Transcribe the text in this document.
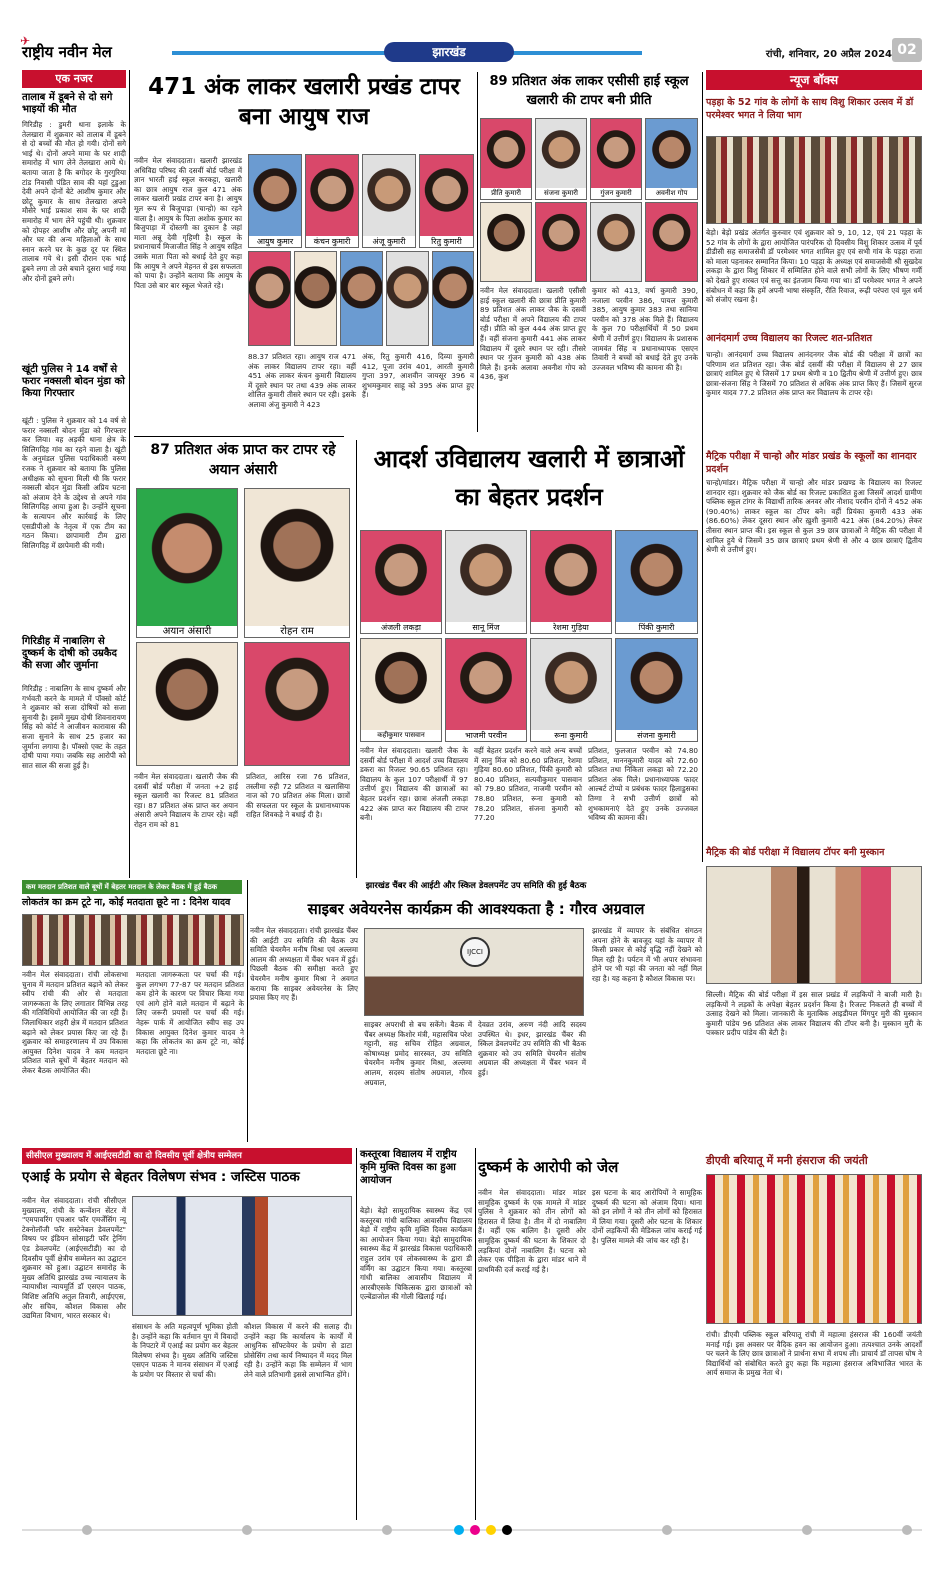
✈
राष्ट्रीय नवीन मेल	झारखंड	रांची, शनिवार, 20 अप्रैल 2024 02
एक नजर
तालाब में डूबने से दो सगे भाइयों की मौत
गिरिडीह : डुमरी थाना इलाके के तेलखारा में शुक्रवार को तालाब में डूबने से दो बच्चों की मौत हो गयी। दोनों सगे भाई थे। दोनों अपने मामा के घर शादी समारोह में भाग लेने तेलखारा आये थे। बताया जाता है कि बगोदर के गुरगुरिया टांड निवासी पंडित साव की यहां टुडुआ देवी अपने दोनों बेटे आशीष कुमार और छोटू कुमार के साथ तेलखारा अपने मौसेरे भाई प्रकाश साव के घर शादी समारोह में भाग लेने पहुंची थी। शुक्रवार को दोपहर आशीष और छोटू अपनी मां और घर की अन्य महिलाओं के साथ स्नान करने घर के कुछ दूर पर स्थित तालाब गये थे। इसी दौरान एक भाई डूबने लगा तो उसे बचाने दूसरा भाई गया और दोनों डूबने लगे।
खूंटी पुलिस ने 14 वर्षों से फरार नक्सली बोदन मुंडा को किया गिरफ्तार
खूंटी : पुलिस ने शुक्रवार को 14 वर्ष से फरार नक्सली बोदन मुंडा को गिरफ्तार कर लिया। वह अड़की थाना क्षेत्र के सिलिगदिह गांव का रहने वाला है। खूंटी के अनुमंडल पुलिस पदाधिकारी वरुण रजक ने शुक्रवार को बताया कि पुलिस अधीक्षक को सूचना मिली थी कि फरार नक्सली बोदन मुंडा किसी अप्रिय घटना को अंजाम देने के उद्देश्य से अपने गांव सिलिगदिह आया हुआ है। उन्होंने सूचना के सत्यापन और कार्रवाई के लिए एसडीपीओ के नेतृत्व में एक टीम का गठन किया। छापामारी टीम द्वारा सिलिगदिह में छापेमारी की गयी।
गिरिडीह में नाबालिग से दुष्कर्म के दोषी को उम्रकैद की सजा और जुर्माना
गिरिडीह : नाबालिग के साथ दुष्कर्म और गर्भवती करने के मामले में पॉक्सो कोर्ट ने शुक्रवार को सजा दोषियों को सजा सुनायी है। इसमें मुख्य दोषी शिवनारायण सिंह को कोर्ट ने आजीवन कारावास की सजा सुनाने के साथ 25 हजार का जुर्माना लगाया है। पॉक्सो एक्ट के तहत दोषी पाया गया। जबकि सह आरोपी को सात साल की सजा हुई है।
471 अंक लाकर खलारी प्रखंड टापर बना आयुष राज
नवीन मेल संवाददाता। खलारी झारखंड अधिविद्य परिषद की दसवीं बोर्ड परीक्षा में ज्ञान भारती हाई स्कूल करकट्टा, खलारी का छात्र आयुष राज कुल 471 अंक लाकर खलारी प्रखंड टापर बना है। आयुष मूल रूप से बिजुपाड़ा (चान्हो) का रहने वाला है। आयुष के पिता अशोक कुमार का बिजुपाड़ा में दोस्तगी का दुकान है जहां माता अन्नू देवी गृहिणी है। स्कूल के प्रधानाचार्य मिजाजीत सिंह ने आयुष सहित उसके माता पिता को बधाई देते हुए कहा कि आयुष ने अपने मेहनत से इस सफलता को पाया है। उन्होंने बताया कि आयुष के पिता उसे बार बार स्कूल भेजते रहे।
आयुष कुमार	कंचन कुमारी	अंजू कुमारी	रितु कुमारी
88.37 प्रतिशत रहा। आयुष राज 471 अंक लाकर विद्यालय टापर रहा। वहीं 451 अंक लाकर कंचन कुमारी विद्यालय में दूसरे स्थान पर तथा 439 अंक लाकर शोलित कुमारी तीसरे स्थान पर रही। इसके अलावा अंजु कुमारी ने 423
अंक, रितु कुमारी 416, दिव्या कुमारी 412, पूजा उरांव 401, आरती कुमारी गुप्ता 397, आशवीन जायसूर 396 व शुभमकुमार साहू को 395 अंक प्राप्त हुए हैं।
89 प्रतिशत अंक लाकर एसीसी हाई स्कूल खलारी की टापर बनी प्रीति
प्रीति कुमारी	संजना कुमारी	गुंजन कुमारी	अवनीश गोप
नवीन मेल संवाददाता। खलारी एसीसी हाई स्कूल खलारी की छात्रा प्रीति कुमारी 89 प्रतिशत अंक लाकर जैक के दसवीं बोर्ड परीक्षा में अपने विद्यालय की टापर रही। प्रीति को कुल 444 अंक प्राप्त हुए हैं। वहीं संजना कुमारी 441 अंक लाकर विद्यालय में दूसरे स्थान पर रही। तीसरे स्थान पर गुंजन कुमारी को 438 अंक मिले हैं। इनके अलावा अवनीश गोप को 436, कुश
कुमार को 413, वर्षा कुमारी 390, नजाला परवीन 386, पायल कुमारी 385, आयुष कुमार 383 तथा सानिया परवीन को 378 अंक मिले हैं। विद्यालय के कुल 70 परीक्षार्थियों में 50 प्रथम श्रेणी में उत्तीर्ण हुए। विद्यालय के प्रशासक जामवंत सिंह व प्रधानाध्यापक एसएन तिवारी ने बच्चों को बधाई देते हुए उनके उज्जवल भविष्य की कामना की है।
87 प्रतिशत अंक प्राप्त कर टापर रहे अयान अंसारी
अयान अंसारी	रोहन राम
नवीन मेल संवाददाता। खलारी जैक की दसवीं बोर्ड परीक्षा में जनता +2 हाई स्कूल खलारी का रिजल्ट 81 प्रतिशत रहा। 87 प्रतिशत अंक प्राप्त कर अयान अंसारी अपने विद्यालय के टापर रहे। वहीं रोहन राम को 81
प्रतिशत, आरिस रजा 76 प्रतिशत, तस्लीमा रुही 72 प्रतिशत व खलासिया नाज को 70 प्रतिशत अंक मिला। छात्रों की सफलता पर स्कूल के प्रधानाध्यापक राहित शिवकड़े ने बधाई दी है।
आदर्श उविद्यालय खलारी में छात्राओं का बेहतर प्रदर्शन
अंजली लकड़ा	सानू मिंज	रेशमा गुड़िया	पिंकी कुमारी
कहीकुमार पासवान	भाजमी परवीन	रूना कुमारी	संजना कुमारी
नवीन मेल संवाददाता। खलारी जैक के दसवीं बोर्ड परीक्षा में आदर्श उच्च विद्यालय डकरा का रिजल्ट 90.65 प्रतिशत रहा। विद्यालय के कुल 107 परीक्षार्थी में 97 उत्तीर्ण हुए। विद्यालय की छात्राओं का बेहतर प्रदर्शन रहा। छात्रा अंजली लकड़ा 422 अंक प्राप्त कर विद्यालय की टापर बनी।
वहीं बेहतर प्रदर्शन करने वाले अन्य बच्चों में सानु मिंज को 80.60 प्रतिशत, रेशमा गुड़िया 80.60 प्रतिशत, पिंकी कुमारी को 80.40 प्रतिशत, सत्यवीकुमार पासवान को 79.80 प्रतिशत, नाजमी परवीन को 78.80 प्रतिशत, रूना कुमारी को 78.20 प्रतिशत, संजना कुमारी को 77.20
प्रतिशत, फुलजात परवीन को 74.80 प्रतिशत, माननकुमारी यादव को 72.60 प्रतिशत तथा निकिता लकड़ा को 72.20 प्रतिशत अंक मिले। प्रधानाध्यापक फादर आल्बर्ट टोप्पो व प्रबंधक फादर हिलाडुसका तिग्गा ने सभी उत्तीर्ण छात्रों को शुभकामनाएं देते हुए उनके उज्जवल भविष्य की कामना की।
न्यूज बॉक्स
पड़हा के 52 गांव के लोगों के साथ विशु शिकार उत्सव में डॉ परमेश्वर भगत ने लिया भाग
बेड़ो। बेड़ो प्रखंड अंतर्गत कुरुवार एवं शुक्रवार को 9, 10, 12, एवं 21 पड़हा के 52 गांव के लोगों के द्वारा आयोजित पारंपरिक दो दिवसीय विशु शिकार उत्सव में पूर्व डीडीसी सह समाजसेवी डॉ परमेश्वर भगत शामिल हुए एवं सभी गांव के पड़हा राजा को माला पहनाकर सम्मानित किया। 10 पड़हा के अध्यक्ष एवं समाजसेवी श्री सुखदेव लकड़ा के द्वारा विशु शिकार में सम्मिलित होने वाले सभी लोगों के लिए भीषण गर्मी को देखते हुए शरबत एवं सत्तू का इंतजाम किया गया था। डॉ परमेश्वर भगत ने अपने संबोधन में कहा कि हमें अपनी भाषा संस्कृति, रीति रिवाज, रूढ़ी परंपरा एवं मूल धर्म को संजोए रखना है।
आनंदमार्ग उच्च विद्यालय का रिजल्ट शत-प्रतिशत
चान्हो। आनंदमार्ग उच्च विद्यालय आनंदनगर जैक बोर्ड की परीक्षा में छात्रों का परिणाम शत प्रतिशत रहा। जैक बोर्ड दसवीं की परीक्षा में विद्यालय से 27 छात्र छात्राएं शामिल हुए थे जिसमें 17 प्रथम श्रेणी व 10 द्वितीय श्रेणी में उत्तीर्ण हुए। छात्र छात्रा-संजना सिंह ने जिसमें 70 प्रतिशत से अधिक अंक प्राप्त किए हैं। जिसमें सुरज कुमार यादव 77.2 प्रतिशत अंक प्राप्त कर विद्यालय के टापर रहे।
मैट्रिक परीक्षा में चान्हो और मांडर प्रखंड के स्कूलों का शानदार प्रदर्शन
चान्हो/मांडर। मैट्रिक परीक्षा में चान्हो और मांडर प्रखण्ड के विद्यालय का रिजल्ट शानदार रहा। शुक्रवार को जैक बोर्ड का रिजल्ट प्रकाशित हुआ जिसमें आदर्श ग्रामीण पब्लिक स्कूल टांगर के विद्यार्थी तारिक अनवर और नौशाद परवीन दोनों ने 452 अंक (90.40%) लाकर स्कूल का टॉपर बने। वहीं प्रियंका कुमारी 433 अंक (86.60%) लेकर दूसरा स्थान और ख़ुशी कुमारी 421 अंक (84.20%) लेकर तीसरा स्थान प्राप्त की। इस स्कूल से कुल 39 छात्र छात्राओं ने मैट्रिक की परीक्षा में शामिल हुये थे जिसमें 35 छात्र छात्राएं प्रथम श्रेणी से और 4 छात्र छात्राएं द्वितीय श्रेणी से उत्तीर्ण हुए।
मैट्रिक की बोर्ड परीक्षा में विद्यालय टॉपर बनी मुस्कान
सिल्ली। मैट्रिक की बोर्ड परीक्षा में इस साल प्रखंड में लड़कियों ने बाजी मारी है। लड़कियों ने लड़कों के अपेक्षा बेहतर प्रदर्शन किया है। रिजल्ट निकलते ही बच्चों में उत्साह देखने को मिला। जानकारी के मुताबिक आइडीयल मिंगपुर मुरी की मुस्कान कुमारी पांडेय 96 प्रतिशत अंक लाकर विद्यालय की टॉपर बनी है। मुस्कान मुरी के पत्रकार प्रदीप पांडेय की बेटी है।
डीएवी बरियातू में मनी हंसराज की जयंती
रांची। डीएवी पब्लिक स्कूल बरियातू रांची में महात्मा हंसराज की 160वीं जयंती मनाई गई। इस अवसर पर वैदिक हवन का आयोजन हुआ। तत्पश्चात उनके आदर्शों पर चलने के लिए छात्र छात्राओं ने प्रार्थना सभा में शपथ ली। प्राचार्य डॉ तापस घोष ने विद्यार्थियों को संबोधित करते हुए कहा कि महात्मा हंसराज अविभाजित भारत के आर्य समाज के प्रमुख नेता थे।
कम मतदान प्रतिशत वाले बूथों में बेहतर मतदान के लेकर बैठक में हुई बैठक
लोकतंत्र का क्रम टूटे ना, कोई मतदाता छूटे ना : दिनेश यादव
नवीन मेल संवाददाता। रांची लोकसभा चुनाव में मतदान प्रतिशत बढ़ाने को लेकर स्वीप रांची की ओर से मतदाता जागरूकता के लिए लगातार विभिन्न तरह की गतिविधियों आयोजित की जा रही हैं। जिलाधिकार शहरी क्षेत्र में मतदान प्रतिशत बढ़ाने को लेकर प्रयास किए जा रहे हैं। शुक्रवार को समाहरणालय में उप विकास आयुक्त दिनेश यादव ने कम मतदान प्रतिशत वाले बूथों में बेहतर मतदान को लेकर बैठक आयोजित की।
मतदाता जागरूकता पर चर्चा की गई। कुल लगभग 77-87 पर मतदान प्रतिशत कम होने के कारण पर विचार किया गया एवं आगे होने वाले मतदान में बढ़ाने के लिए जरूरी प्रयासों पर चर्चा की गई। नेहरू पार्क में आयोजित स्वीप सह उप विकास आयुक्त दिनेश कुमार यादव ने कहा कि लोकतंत्र का क्रम टूटे ना, कोई मतदाता छूटे ना।
झारखंड चैंबर की आईटी और स्किल डेवलपमेंट उप समिति की हुई बैठक
साइबर अवेयरनेस कार्यक्रम की आवश्यकता है : गौरव अग्रवाल
नवीन मेल संवाददाता। रांची झारखंड चैंबर की आईटी उप समिति की बैठक उप समिति चेयरमैन मनीष मिश्रा एवं अल्लमा आलम की अध्यक्षता में चैंबर भवन में हुई। पिछली बैठक की समीक्षा करते हुए चेयरमैन मनीष कुमार मिश्रा ने अवगत कराया कि साइबर अवेयरनेस के लिए प्रयास किए गए हैं।
IJCCI
झारखंड में व्यापार के संबंधित संगठन अपना होने के बावजूद यहां के व्यापार में किसी प्रकार से कोई वृद्धि नहीं देखने को मिल रही है। पर्यटन में भी अपार संभावना होने पर भी यहां की जनता को नहीं मिल रहा है। यह कहना है कौशल विकास पर।
साइबर अपराधी से बच सकेंगे। बैठक में चैंबर अध्यक्ष किशोर मंत्री, महासचिव परेश गट्टानी, सह सचिव रोहित अग्रवाल, कोषाध्यक्ष प्रमोद सारस्वत, उप समिति चेयरमैन मनीष कुमार मिश्रा, अल्लमा आलम, सदस्य संतोष अग्रवाल, गौरव अग्रवाल,
देवव्रत उरांव, अरुण नंदी आदि सदस्य उपस्थित थे। इधर, झारखंड चैंबर की स्किल डेवलपमेंट उप समिति की भी बैठक शुक्रवार को उप समिति चेयरमैन संतोष अग्रवाल की अध्यक्षता में चैंबर भवन में हुई।
सीसीएल मुख्यालय में आईएसटीडी का दो दिवसीय पूर्वी क्षेत्रीय सम्मेलन
एआई के प्रयोग से बेहतर विलेषण संभव : जस्टिस पाठक
नवीन मेल संवाददाता। रांची सीसीएल मुख्यालय, रांची के कन्वेंशन सेंटर में "एमपावरिंग एचआर फॉर एमर्जेंसिंग न्यू टेक्नोलॉजी फॉर सस्टेनेबल डेवलपमेंट" विषय पर इंडियन सोसाइटी फॉर ट्रेनिंग एंड डेवलपमेंट (आईएसटीडी) का दो दिवसीय पूर्वी क्षेत्रीय सम्मेलन का उद्घाटन शुक्रवार को हुआ। उद्घाटन समारोह के मुख्य अतिथि झारखंड उच्च न्यायालय के न्यायाधीश न्यायमूर्ति डॉ एसएन पाठक, विशिष्ट अतिथि अतुल तिवारी, आईएएस, और सचिव, कौशल विकास और उद्यमिता विभाग, भारत सरकार थे।
संसाधन के अति महत्वपूर्ण भूमिका होती है। उन्होंने कहा कि वर्तमान युग में विवादों के निपटारे में एआई का प्रयोग कर बेहतर विलेषण संभव है। मुख्य अतिथि जस्टिस एसएन पाठक ने मानव संसाधन में एआई के प्रयोग पर विस्तार से चर्चा की।
कौशल विकास में करने की सलाह दी। उन्होंने कहा कि कार्यालय के कार्यों में आधुनिक सॉफ्टवेयर के प्रयोग से डाटा प्रोसेसिंग तथा कार्य निष्पादन में मदद मिल रही है। उन्होंने कहा कि सम्मेलन में भाग लेने वाले प्रतिभागी इससे लाभान्वित होंगे।
कस्तूरबा विद्यालय में राष्ट्रीय कृमि मुक्ति दिवस का हुआ आयोजन
बेड़ो। बेड़ो सामुदायिक स्वास्थ्य केंद्र एवं कस्तूरबा गांधी बालिका आवासीय विद्यालय बेड़ो में राष्ट्रीय कृमि मुक्ति दिवस कार्यक्रम का आयोजन किया गया। बेड़ो सामुदायिक स्वास्थ्य केंद्र में झारखंड विकास पदाधिकारी राहुल उरांव एवं लोकस्वास्थ्य के द्वारा डी वर्मिंग का उद्घाटन किया गया। कस्तूरबा गांधी बालिका आवासीय विद्यालय में आरबीएसके चिकित्सक द्वारा छात्राओं को एल्बेंडाजोल की गोली खिलाई गई।
दुष्कर्म के आरोपी को जेल
नवीन मेल संवाददाता। मांडर मांडर सामूहिक दुष्कर्म के एक मामले में मांडर पुलिस ने शुक्रवार को तीन लोगों को हिरासत में लिया है। तीन में दो नाबालिग हैं। वहीं एक बालिग है। दूसरी ओर सामूहिक दुष्कर्म की घटना के शिकार दो लड़कियां दोनों नाबालिग हैं। घटना को लेकर एक पीड़िता के द्वारा मांडर थाने में प्राथमिकी दर्ज कराई गई है।
इस घटना के बाद आरोपियों ने सामूहिक दुष्कर्म की घटना को अंजाम दिया। थाना को इन लोगों ने को तीन लोगों को हिरासत में लिया गया। दूसरी ओर घटना के शिकार दोनों लड़कियों की मेडिकल जांच कराई गई है। पुलिस मामले की जांच कर रही है।
